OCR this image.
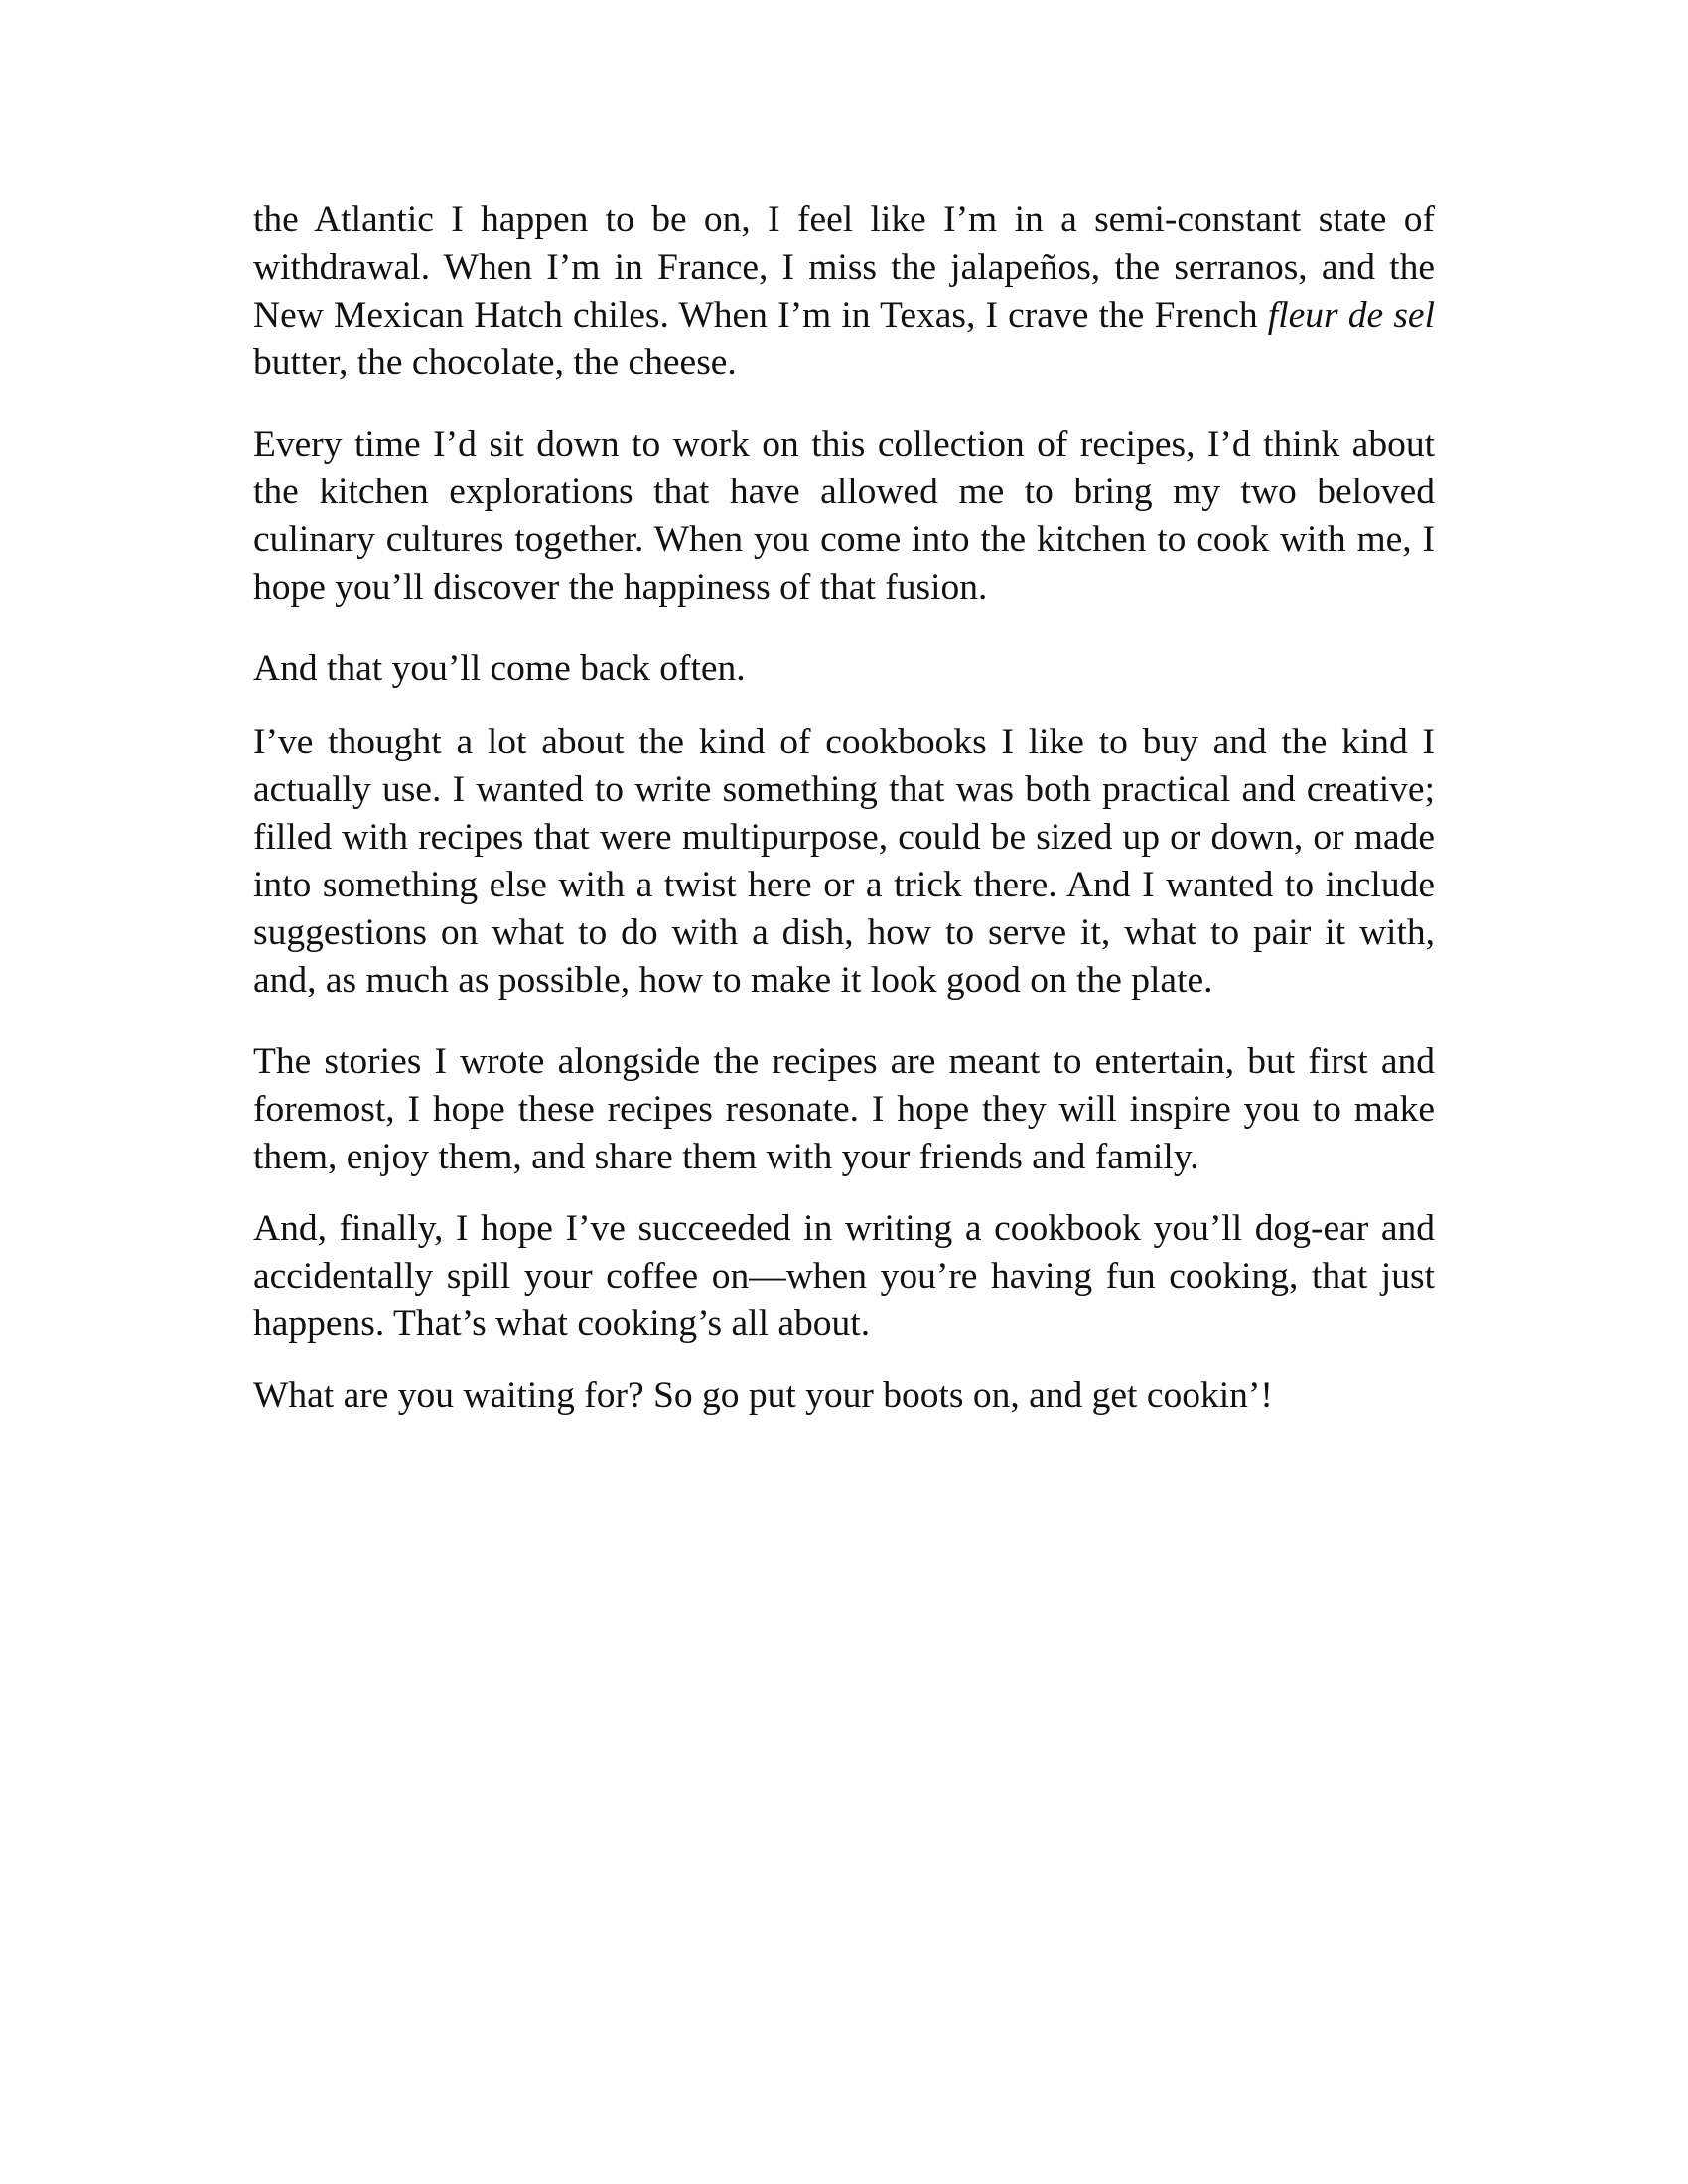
the Atlantic I happen to be on, I feel like I’m in a semi-constant state of withdrawal. When I’m in France, I miss the jalapeños, the serranos, and the New Mexican Hatch chiles. When I’m in Texas, I crave the French fleur de sel butter, the chocolate, the cheese.

Every time I’d sit down to work on this collection of recipes, I’d think about the kitchen explorations that have allowed me to bring my two beloved culinary cultures together. When you come into the kitchen to cook with me, I hope you’ll discover the happiness of that fusion.

And that you’ll come back often.

I’ve thought a lot about the kind of cookbooks I like to buy and the kind I actually use. I wanted to write something that was both practical and creative; filled with recipes that were multipurpose, could be sized up or down, or made into something else with a twist here or a trick there. And I wanted to include suggestions on what to do with a dish, how to serve it, what to pair it with, and, as much as possible, how to make it look good on the plate.

The stories I wrote alongside the recipes are meant to entertain, but first and foremost, I hope these recipes resonate. I hope they will inspire you to make them, enjoy them, and share them with your friends and family.

And, finally, I hope I’ve succeeded in writing a cookbook you’ll dog-ear and accidentally spill your coffee on—when you’re having fun cooking, that just happens. That’s what cooking’s all about.

What are you waiting for? So go put your boots on, and get cookin’!
